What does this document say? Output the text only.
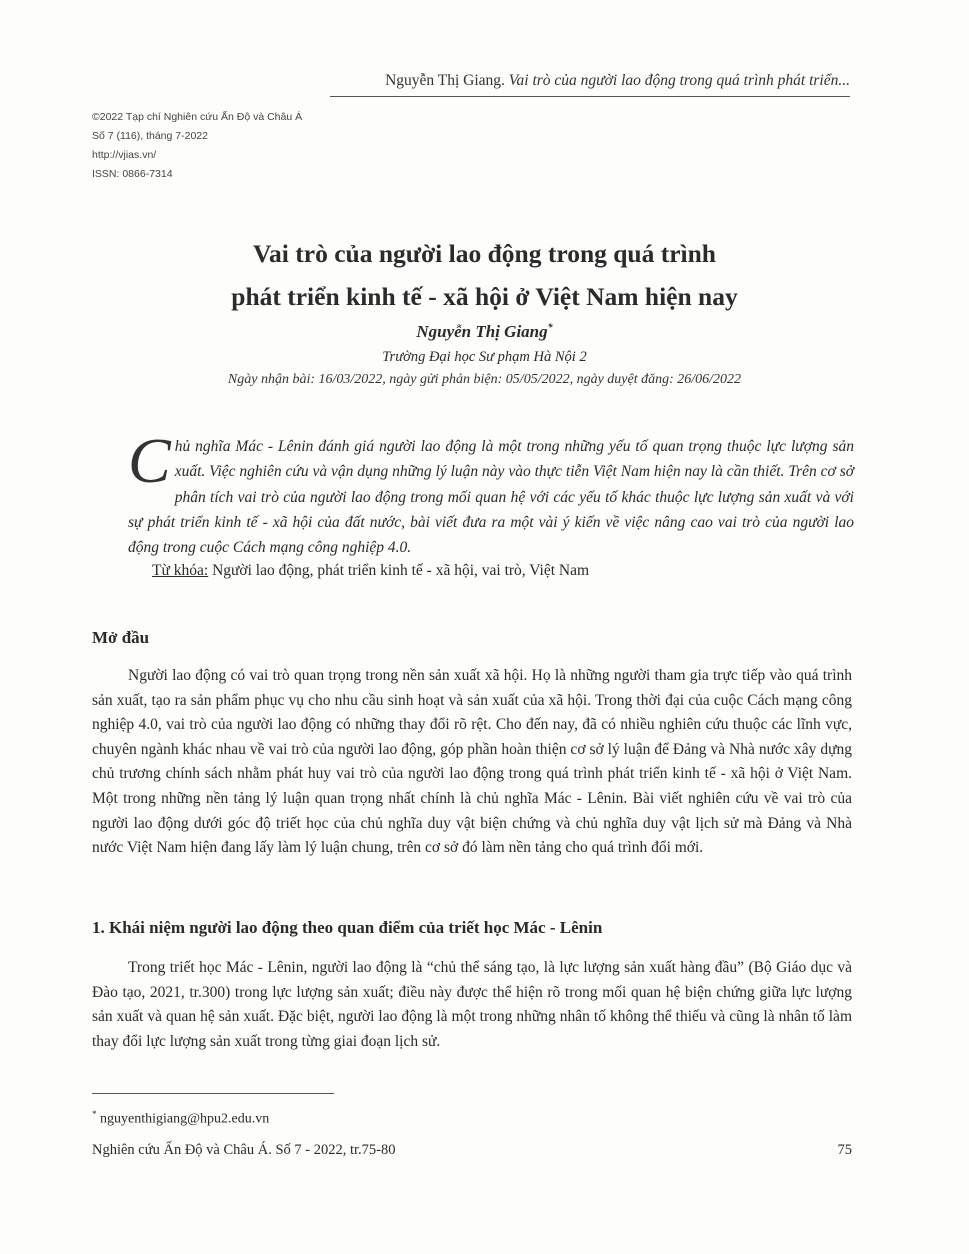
Nguyễn Thị Giang. Vai trò của người lao động trong quá trình phát triển...
©2022 Tạp chí Nghiên cứu Ấn Độ và Châu Á
Số 7 (116), tháng 7-2022
http://vjias.vn/
ISSN: 0866-7314
Vai trò của người lao động trong quá trình
phát triển kinh tế - xã hội ở Việt Nam hiện nay
Nguyễn Thị Giang*
Trường Đại học Sư phạm Hà Nội 2
Ngày nhận bài: 16/03/2022, ngày gửi phản biện: 05/05/2022, ngày duyệt đăng: 26/06/2022
C hủ nghĩa Mác - Lênin đánh giá người lao động là một trong những yếu tố quan trọng thuộc lực lượng sản xuất. Việc nghiên cứu và vận dụng những lý luận này vào thực tiễn Việt Nam hiện nay là cần thiết. Trên cơ sở phân tích vai trò của người lao động trong mối quan hệ với các yếu tố khác thuộc lực lượng sản xuất và với sự phát triển kinh tế - xã hội của đất nước, bài viết đưa ra một vài ý kiến về việc nâng cao vai trò của người lao động trong cuộc Cách mạng công nghiệp 4.0.
Từ khóa: Người lao động, phát triển kinh tế - xã hội, vai trò, Việt Nam
Mở đầu
Người lao động có vai trò quan trọng trong nền sản xuất xã hội. Họ là những người tham gia trực tiếp vào quá trình sản xuất, tạo ra sản phẩm phục vụ cho nhu cầu sinh hoạt và sản xuất của xã hội. Trong thời đại của cuộc Cách mạng công nghiệp 4.0, vai trò của người lao động có những thay đổi rõ rệt. Cho đến nay, đã có nhiều nghiên cứu thuộc các lĩnh vực, chuyên ngành khác nhau về vai trò của người lao động, góp phần hoàn thiện cơ sở lý luận để Đảng và Nhà nước xây dựng chủ trương chính sách nhằm phát huy vai trò của người lao động trong quá trình phát triển kinh tế - xã hội ở Việt Nam. Một trong những nền tảng lý luận quan trọng nhất chính là chủ nghĩa Mác - Lênin. Bài viết nghiên cứu về vai trò của người lao động dưới góc độ triết học của chủ nghĩa duy vật biện chứng và chủ nghĩa duy vật lịch sử mà Đảng và Nhà nước Việt Nam hiện đang lấy làm lý luận chung, trên cơ sở đó làm nền tảng cho quá trình đổi mới.
1. Khái niệm người lao động theo quan điểm của triết học Mác - Lênin
Trong triết học Mác - Lênin, người lao động là “chủ thể sáng tạo, là lực lượng sản xuất hàng đầu” (Bộ Giáo dục và Đào tạo, 2021, tr.300) trong lực lượng sản xuất; điều này được thể hiện rõ trong mối quan hệ biện chứng giữa lực lượng sản xuất và quan hệ sản xuất. Đặc biệt, người lao động là một trong những nhân tố không thể thiếu và cũng là nhân tố làm thay đổi lực lượng sản xuất trong từng giai đoạn lịch sử.
* nguyenthigiang@hpu2.edu.vn
Nghiên cứu Ấn Độ và Châu Á. Số 7 - 2022, tr.75-80	75
